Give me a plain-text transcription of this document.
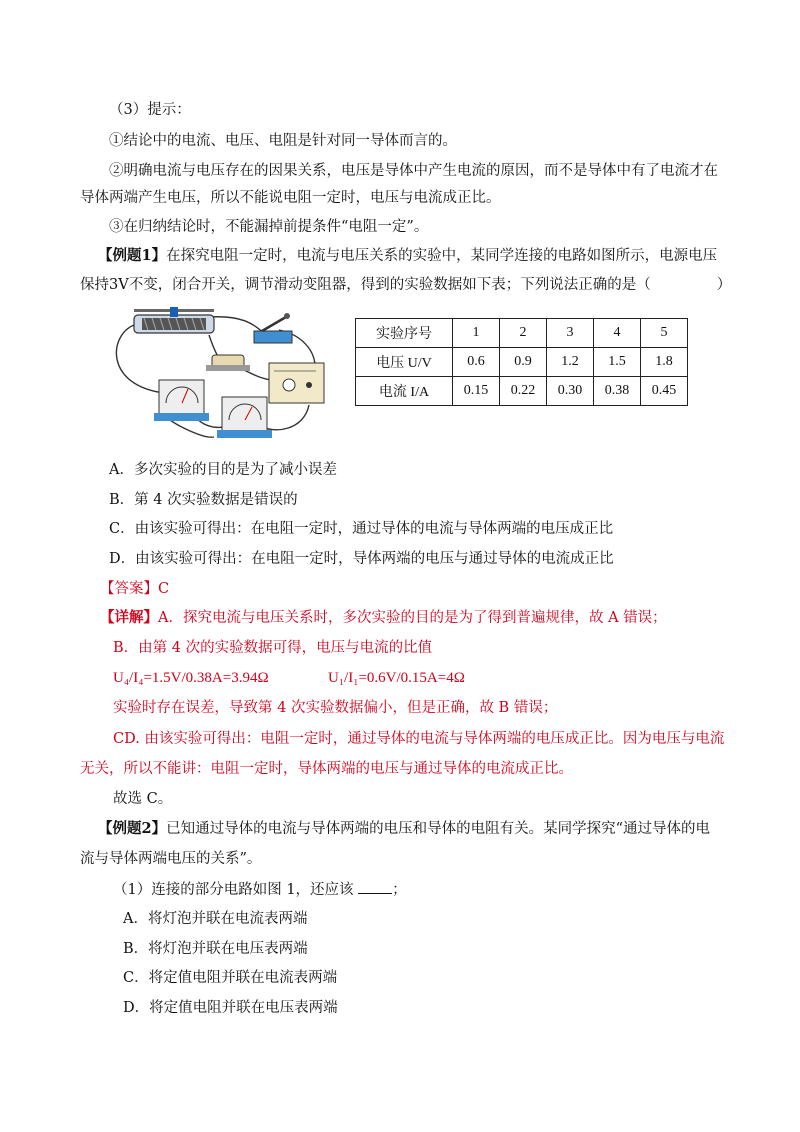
（3）提示：
①结论中的电流、电压、电阻是针对同一导体而言的。
②明确电流与电压存在的因果关系，电压是导体中产生电流的原因，而不是导体中有了电流才在
导体两端产生电压，所以不能说电阻一定时，电压与电流成正比。
③在归纳结论时，不能漏掉前提条件“电阻一定”。
【例题1】在探究电阻一定时，电流与电压关系的实验中，某同学连接的电路如图所示，电源电压
保持3V不变，闭合开关，调节滑动变阻器，得到的实验数据如下表；下列说法正确的是（	）
实验序号	1	2	3	4	5
电压 U/V	0.6	0.9	1.2	1.5	1.8
电流 I/A	0.15	0.22	0.30	0.38	0.45
A．多次实验的目的是为了减小误差
B．第 4 次实验数据是错误的
C．由该实验可得出：在电阻一定时，通过导体的电流与导体两端的电压成正比
D．由该实验可得出：在电阻一定时，导体两端的电压与通过导体的电流成正比
【答案】C
【详解】A．探究电流与电压关系时，多次实验的目的是为了得到普遍规律，故 A 错误；
B．由第 4 次的实验数据可得，电压与电流的比值
U₄/I₄=1.5V/0.38A=3.94Ω	U₁/I₁=0.6V/0.15A=4Ω
实验时存在误差，导致第 4 次实验数据偏小，但是正确，故 B 错误；
CD. 由该实验可得出：电阻一定时，通过导体的电流与导体两端的电压成正比。因为电压与电流
无关，所以不能讲：电阻一定时，导体两端的电压与通过导体的电流成正比。
故选 C。
【例题2】已知通过导体的电流与导体两端的电压和导体的电阻有关。某同学探究“通过导体的电
流与导体两端电压的关系”。
（1）连接的部分电路如图 1，还应该	；
A．将灯泡并联在电流表两端
B．将灯泡并联在电压表两端
C．将定值电阻并联在电流表两端
D．将定值电阻并联在电压表两端
